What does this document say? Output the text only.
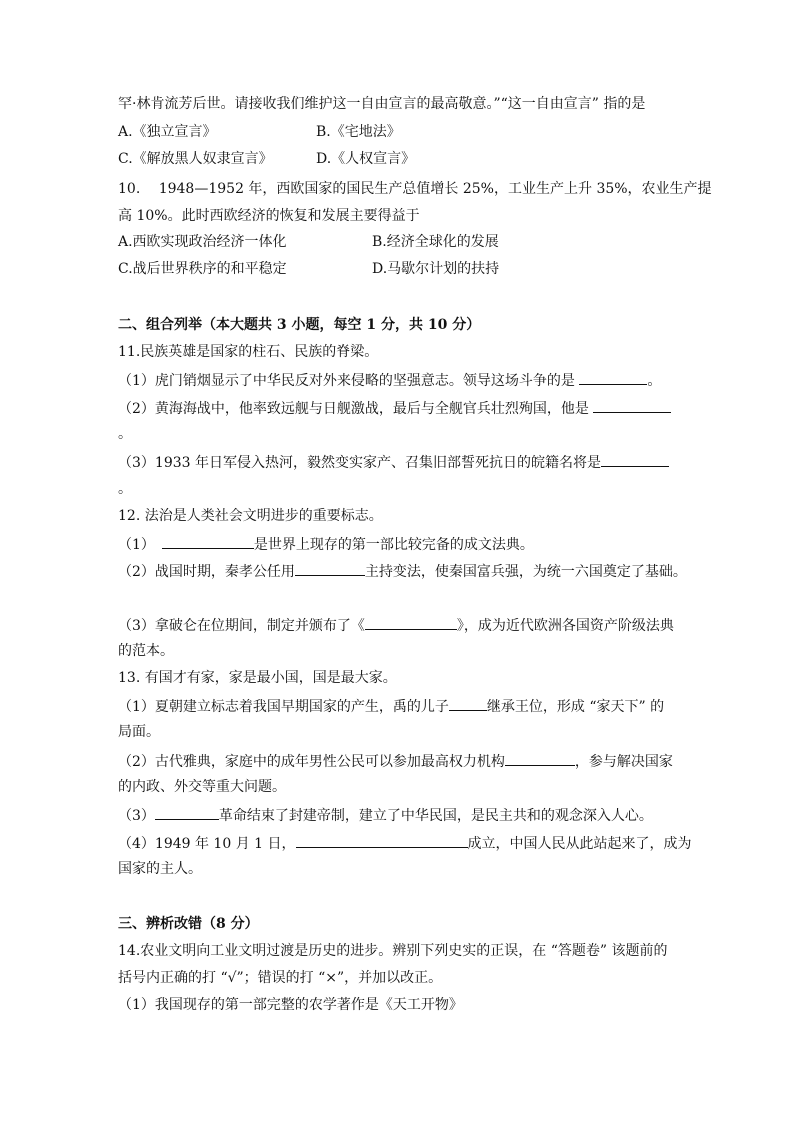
罕·林肯流芳后世。请接收我们维护这一自由宣言的最高敬意。”“这一自由宣言” 指的是
A.《独立宣言》	B.《宅地法》
C.《解放黑人奴隶宣言》	D.《人权宣言》
10.　 1948—1952 年，西欧国家的国民生产总值增长 25%，工业生产上升 35%，农业生产提
高 10%。此时西欧经济的恢复和发展主要得益于
A.西欧实现政治经济一体化	B.经济全球化的发展
C.战后世界秩序的和平稳定	D.马歇尔计划的扶持
二、组合列举（本大题共 3 小题，每空 1 分，共 10 分）
11.民族英雄是国家的柱石、民族的脊梁。
（1）虎门销烟显示了中华民反对外来侵略的坚强意志。领导这场斗争的是	。
（2）黄海海战中，他率致远舰与日舰激战，最后与全舰官兵壮烈殉国，他是
。
（3）1933 年日军侵入热河，毅然变实家产、召集旧部誓死抗日的皖籍名将是
。
12. 法治是人类社会文明进步的重要标志。
（1）　	是世界上现存的第一部比较完备的成文法典。
（2）战国时期，秦孝公任用	主持变法，使秦国富兵强，为统一六国奠定了基础。
（3）拿破仑在位期间，制定并颁布了《	》，成为近代欧洲各国资产阶级法典
的范本。
13. 有国才有家，家是最小国，国是最大家。
（1）夏朝建立标志着我国早期国家的产生，禹的儿子	继承王位，形成 “家天下” 的
局面。
（2）古代雅典，家庭中的成年男性公民可以参加最高权力机构	，参与解决国家
的内政、外交等重大问题。
（3）	革命结束了封建帝制，建立了中华民国，是民主共和的观念深入人心。
（4）1949 年 10 月 1 日，	成立，中国人民从此站起来了，成为
国家的主人。
三、辨析改错（8 分）
14.农业文明向工业文明过渡是历史的进步。辨别下列史实的正误，在 “答题卷” 该题前的
括号内正确的打 “√”；错误的打 “×”，并加以改正。
（1）我国现存的第一部完整的农学著作是《天工开物》
